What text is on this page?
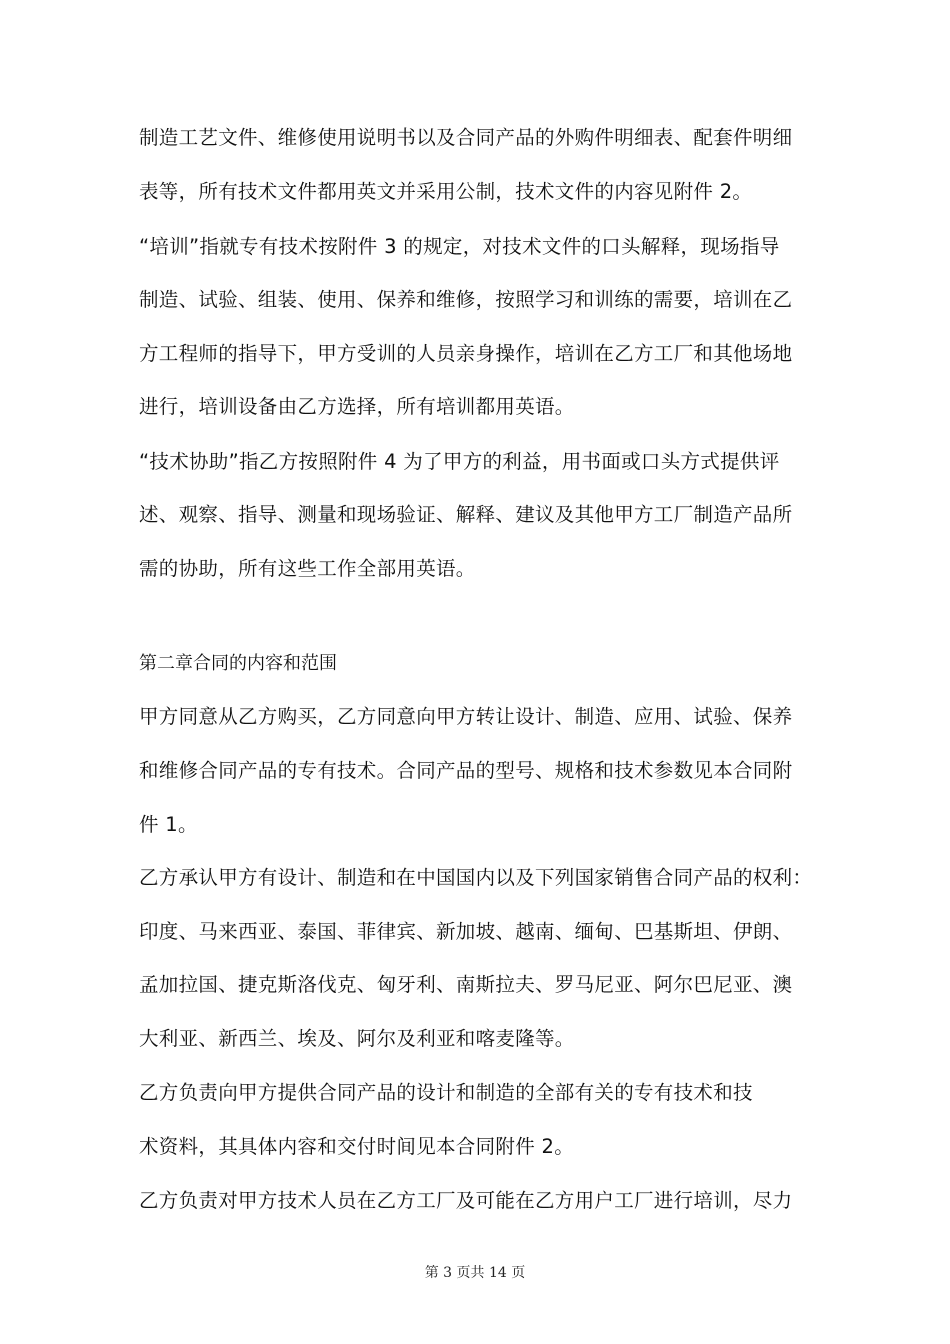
制造工艺文件、维修使用说明书以及合同产品的外购件明细表、配套件明细
表等，所有技术文件都用英文并采用公制，技术文件的内容见附件 2。
“培训”指就专有技术按附件 3 的规定，对技术文件的口头解释，现场指导
制造、试验、组装、使用、保养和维修，按照学习和训练的需要，培训在乙
方工程师的指导下，甲方受训的人员亲身操作，培训在乙方工厂和其他场地
进行，培训设备由乙方选择，所有培训都用英语。
“技术协助”指乙方按照附件 4 为了甲方的利益，用书面或口头方式提供评
述、观察、指导、测量和现场验证、解释、建议及其他甲方工厂制造产品所
需的协助，所有这些工作全部用英语。
第二章合同的内容和范围
甲方同意从乙方购买，乙方同意向甲方转让设计、制造、应用、试验、保养
和维修合同产品的专有技术。合同产品的型号、规格和技术参数见本合同附
件 1。
乙方承认甲方有设计、制造和在中国国内以及下列国家销售合同产品的权利：
印度、马来西亚、泰国、菲律宾、新加坡、越南、缅甸、巴基斯坦、伊朗、
孟加拉国、捷克斯洛伐克、匈牙利、南斯拉夫、罗马尼亚、阿尔巴尼亚、澳
大利亚、新西兰、埃及、阿尔及利亚和喀麦隆等。
乙方负责向甲方提供合同产品的设计和制造的全部有关的专有技术和技
术资料，其具体内容和交付时间见本合同附件 2。
乙方负责对甲方技术人员在乙方工厂及可能在乙方用户工厂进行培训，尽力
第 3 页共 14 页
